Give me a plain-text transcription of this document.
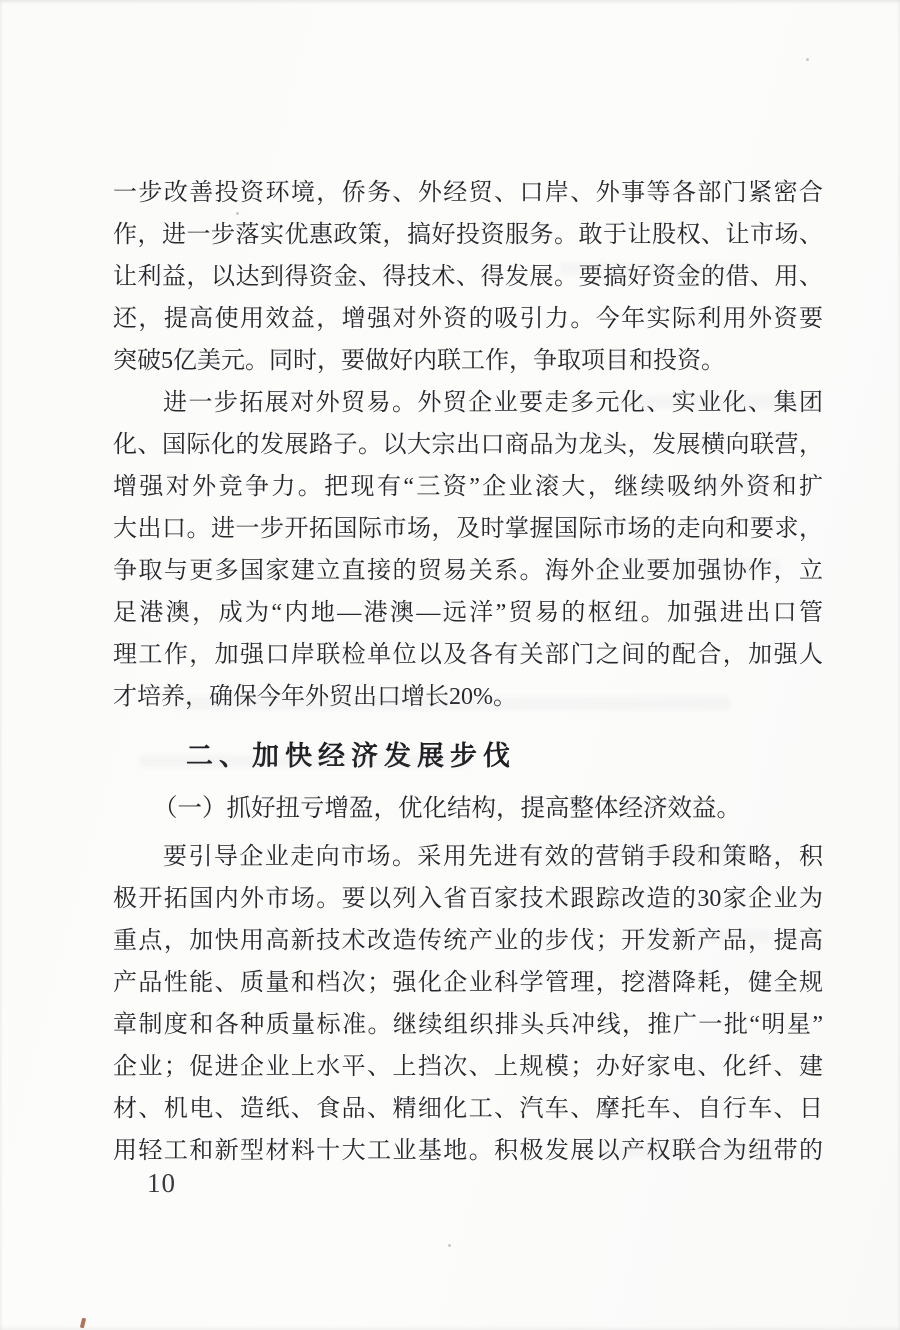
一步改善投资环境，侨务、外经贸、口岸、外事等各部门紧密合
作，进一步落实优惠政策，搞好投资服务。敢于让股权、让市场、
让利益，以达到得资金、得技术、得发展。要搞好资金的借、用、
还，提高使用效益，增强对外资的吸引力。今年实际利用外资要
突破5亿美元。同时，要做好内联工作，争取项目和投资。
进一步拓展对外贸易。外贸企业要走多元化、实业化、集团
化、国际化的发展路子。以大宗出口商品为龙头，发展横向联营，
增强对外竞争力。把现有“三资”企业滚大，继续吸纳外资和扩
大出口。进一步开拓国际市场，及时掌握国际市场的走向和要求，
争取与更多国家建立直接的贸易关系。海外企业要加强协作，立
足港澳，成为“内地—港澳—远洋”贸易的枢纽。加强进出口管
理工作，加强口岸联检单位以及各有关部门之间的配合，加强人
才培养，确保今年外贸出口增长20%。
二、加快经济发展步伐
（一）抓好扭亏增盈，优化结构，提高整体经济效益。
要引导企业走向市场。采用先进有效的营销手段和策略，积
极开拓国内外市场。要以列入省百家技术跟踪改造的30家企业为
重点，加快用高新技术改造传统产业的步伐；开发新产品，提高
产品性能、质量和档次；强化企业科学管理，挖潜降耗，健全规
章制度和各种质量标准。继续组织排头兵冲线，推广一批“明星”
企业；促进企业上水平、上挡次、上规模；办好家电、化纤、建
材、机电、造纸、食品、精细化工、汽车、摩托车、自行车、日
用轻工和新型材料十大工业基地。积极发展以产权联合为纽带的
10
